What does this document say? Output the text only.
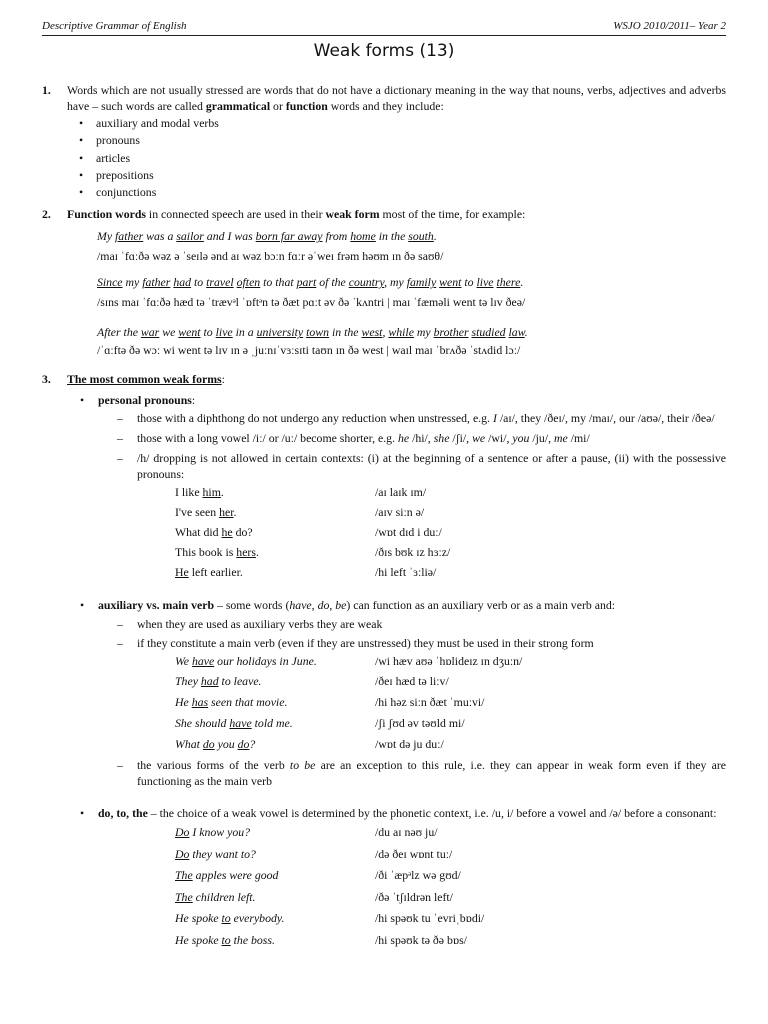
Descriptive Grammar of English	WSJO 2010/2011– Year 2
Weak forms (13)
1. Words which are not usually stressed are words that do not have a dictionary meaning in the way that nouns, verbs, adjectives and adverbs have – such words are called grammatical or function words and they include:
• auxiliary and modal verbs
• pronouns
• articles
• prepositions
• conjunctions
2. Function words in connected speech are used in their weak form most of the time, for example:
My father was a sailor and I was born far away from home in the south.
/maɪ ˈfɑːðə wəz ə ˈseɪlə ənd aɪ wəz bɔːn fɑːr əˈweɪ frəm həʊm ɪn ðə saʊθ/
Since my father had to travel often to that part of the country, my family went to live there.
/sɪns maɪ ˈfɑːðə hæd tə ˈtrævᵊl ˈɒftᵊn tə ðæt pɑːt əv ðə ˈkʌntri | maɪ ˈfæməli went tə lɪv ðeə/
After the war we went to live in a university town in the west, while my brother studied law.
/ˈɑːftə ðə wɔː wi went tə lɪv ɪn ə ˌjuːnɪˈvɜːsɪti taʊn ɪn ðə west | waɪl maɪ ˈbrʌðə ˈstʌdid lɔː/
3. The most common weak forms:
• personal pronouns:
– those with a diphthong do not undergo any reduction when unstressed, e.g. I /aɪ/, they /ðeɪ/, my /maɪ/, our /aʊə/, their /ðeə/
– those with a long vowel /iː/ or /uː/ become shorter, e.g. he /hi/, she /ʃi/, we /wi/, you /ju/, me /mi/
– /h/ dropping is not allowed in certain contexts: (i) at the beginning of a sentence or after a pause, (ii) with the possessive pronouns:
I like him.	/aɪ laɪk ɪm/
I've seen her.	/aɪv siːn ə/
What did he do?	/wɒt dɪd i duː/
This book is hers.	/ðɪs bʊk ɪz hɜːz/
He left earlier.	/hi left ˈɜːliə/
• auxiliary vs. main verb – some words (have, do, be) can function as an auxiliary verb or as a main verb and:
– when they are used as auxiliary verbs they are weak
– if they constitute a main verb (even if they are unstressed) they must be used in their strong form
We have our holidays in June.	/wi hæv aʊə ˈhɒlideɪz ɪn dʒuːn/
They had to leave.	/ðeɪ hæd tə liːv/
He has seen that movie.	/hi həz siːn ðæt ˈmuːvi/
She should have told me.	/ʃi ʃʊd əv təʊld mi/
What do you do?	/wɒt də ju duː/
– the various forms of the verb to be are an exception to this rule, i.e. they can appear in weak form even if they are functioning as the main verb
• do, to, the – the choice of a weak vowel is determined by the phonetic context, i.e. /u, i/ before a vowel and /ə/ before a consonant:
Do I know you?	/du aɪ nəʊ ju/
Do they want to?	/də ðeɪ wɒnt tuː/
The apples were good	/ði ˈæpᵊlz wə gʊd/
The children left.	/ðə ˈtʃɪldrən left/
He spoke to everybody.	/hi spəʊk tu ˈevriˌbɒdi/
He spoke to the boss.	/hi spəʊk tə ðə bɒs/
